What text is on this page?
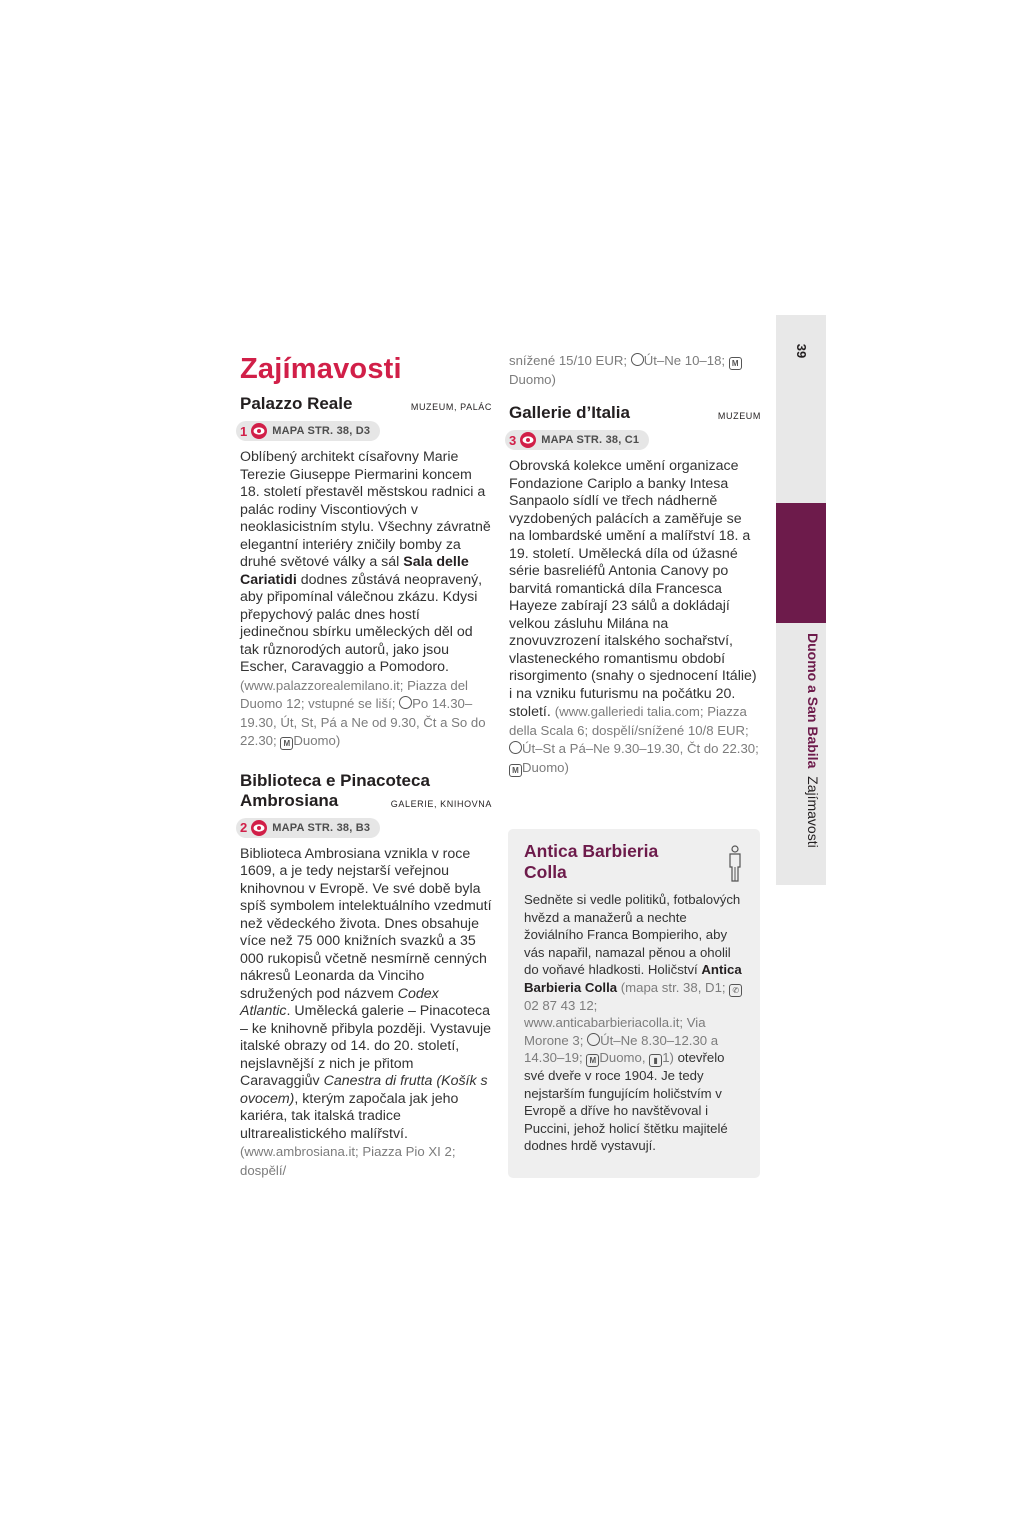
39
Duomo a San Babila  Zajímavosti
Zajímavosti
Palazzo Reale	MUZEUM, PALÁC
1 MAPA STR. 38, D3
Oblíbený architekt císařovny Marie Terezie Giuseppe Piermarini koncem 18. století přestavěl městskou radnici a palác rodiny Viscontiových v neoklasicistním stylu. Všechny závratně elegantní interiéry zničily bomby za druhé světové války a sál Sala delle Cariatidi dodnes zůstává neopravený, aby připomínal válečnou zkázu. Kdysi přepychový palác dnes hostí jedinečnou sbírku uměleckých děl od tak různorodých autorů, jako jsou Escher, Caravaggio a Pomodoro. (www.palazzorealemilano.it; Piazza del Duomo 12; vstupné se liší; Po 14.30–19.30, Út, St, Pá a Ne od 9.30, Čt a So do 22.30; M Duomo)
Biblioteca e Pinacoteca
Ambrosiana	GALERIE, KNIHOVNA
2 MAPA STR. 38, B3
Biblioteca Ambrosiana vznikla v roce 1609, a je tedy nejstarší veřejnou knihovnou v Evropě. Ve své době byla spíš symbolem intelektuálního vzedmutí než vědeckého života. Dnes obsahuje více než 75 000 knižních svazků a 35 000 rukopisů včetně nesmírně cenných nákresů Leonarda da Vinciho sdružených pod názvem Codex Atlantic. Umělecká galerie – Pinacoteca – ke knihovně přibyla později. Vystavuje italské obrazy od 14. do 20. století, nejslavnější z nich je přitom Caravaggiův Canestra di frutta (Košík s ovocem), kterým započala jak jeho kariéra, tak italská tradice ultrarealistického malířství. (www.ambrosiana.it; Piazza Pio XI 2; dospělí/
snížené 15/10 EUR; Út–Ne 10–18; MDuomo)
Gallerie d’Italia	MUZEUM
3 MAPA STR. 38, C1
Obrovská kolekce umění organizace Fondazione Cariplo a banky Intesa Sanpaolo sídlí ve třech nádherně vyzdobených palácích a zaměřuje se na lombardské umění a malířství 18. a 19. století. Umělecká díla od úžasné série basreliéfů Antonia Canovy po barvitá romantická díla Francesca Hayeze zabírají 23 sálů a dokládají velkou zásluhu Milána na znovuvzrození italského sochařství, vlasteneckého romantismu období risorgimento (snahy o sjednocení Itálie) i na vzniku futurismu na počátku 20. století. (www.galleriedi talia.com; Piazza della Scala 6; dospělí/snížené 10/8 EUR; Út–St a Pá–Ne 9.30–19.30, Čt do 22.30; M Duomo)
Antica Barbieria Colla
Sedněte si vedle politiků, fotbalových hvězd a manažerů a nechte žoviálního Franca Bompieriho, aby vás napařil, namazal pěnou a oholil do voňavé hladkosti. Holičství Antica Barbieria Colla (mapa str. 38, D1; ✆02 87 43 12; www.anticabarbieriacolla.it; Via Morone 3; Út–Ne 8.30–12.30 a 14.30–19; M Duomo, ▮ 1) otevřelo své dveře v roce 1904. Je tedy nejstarším fungujícím holičstvím v Evropě a dříve ho navštěvoval i Puccini, jehož holicí štětku majitelé dodnes hrdě vystavují.
